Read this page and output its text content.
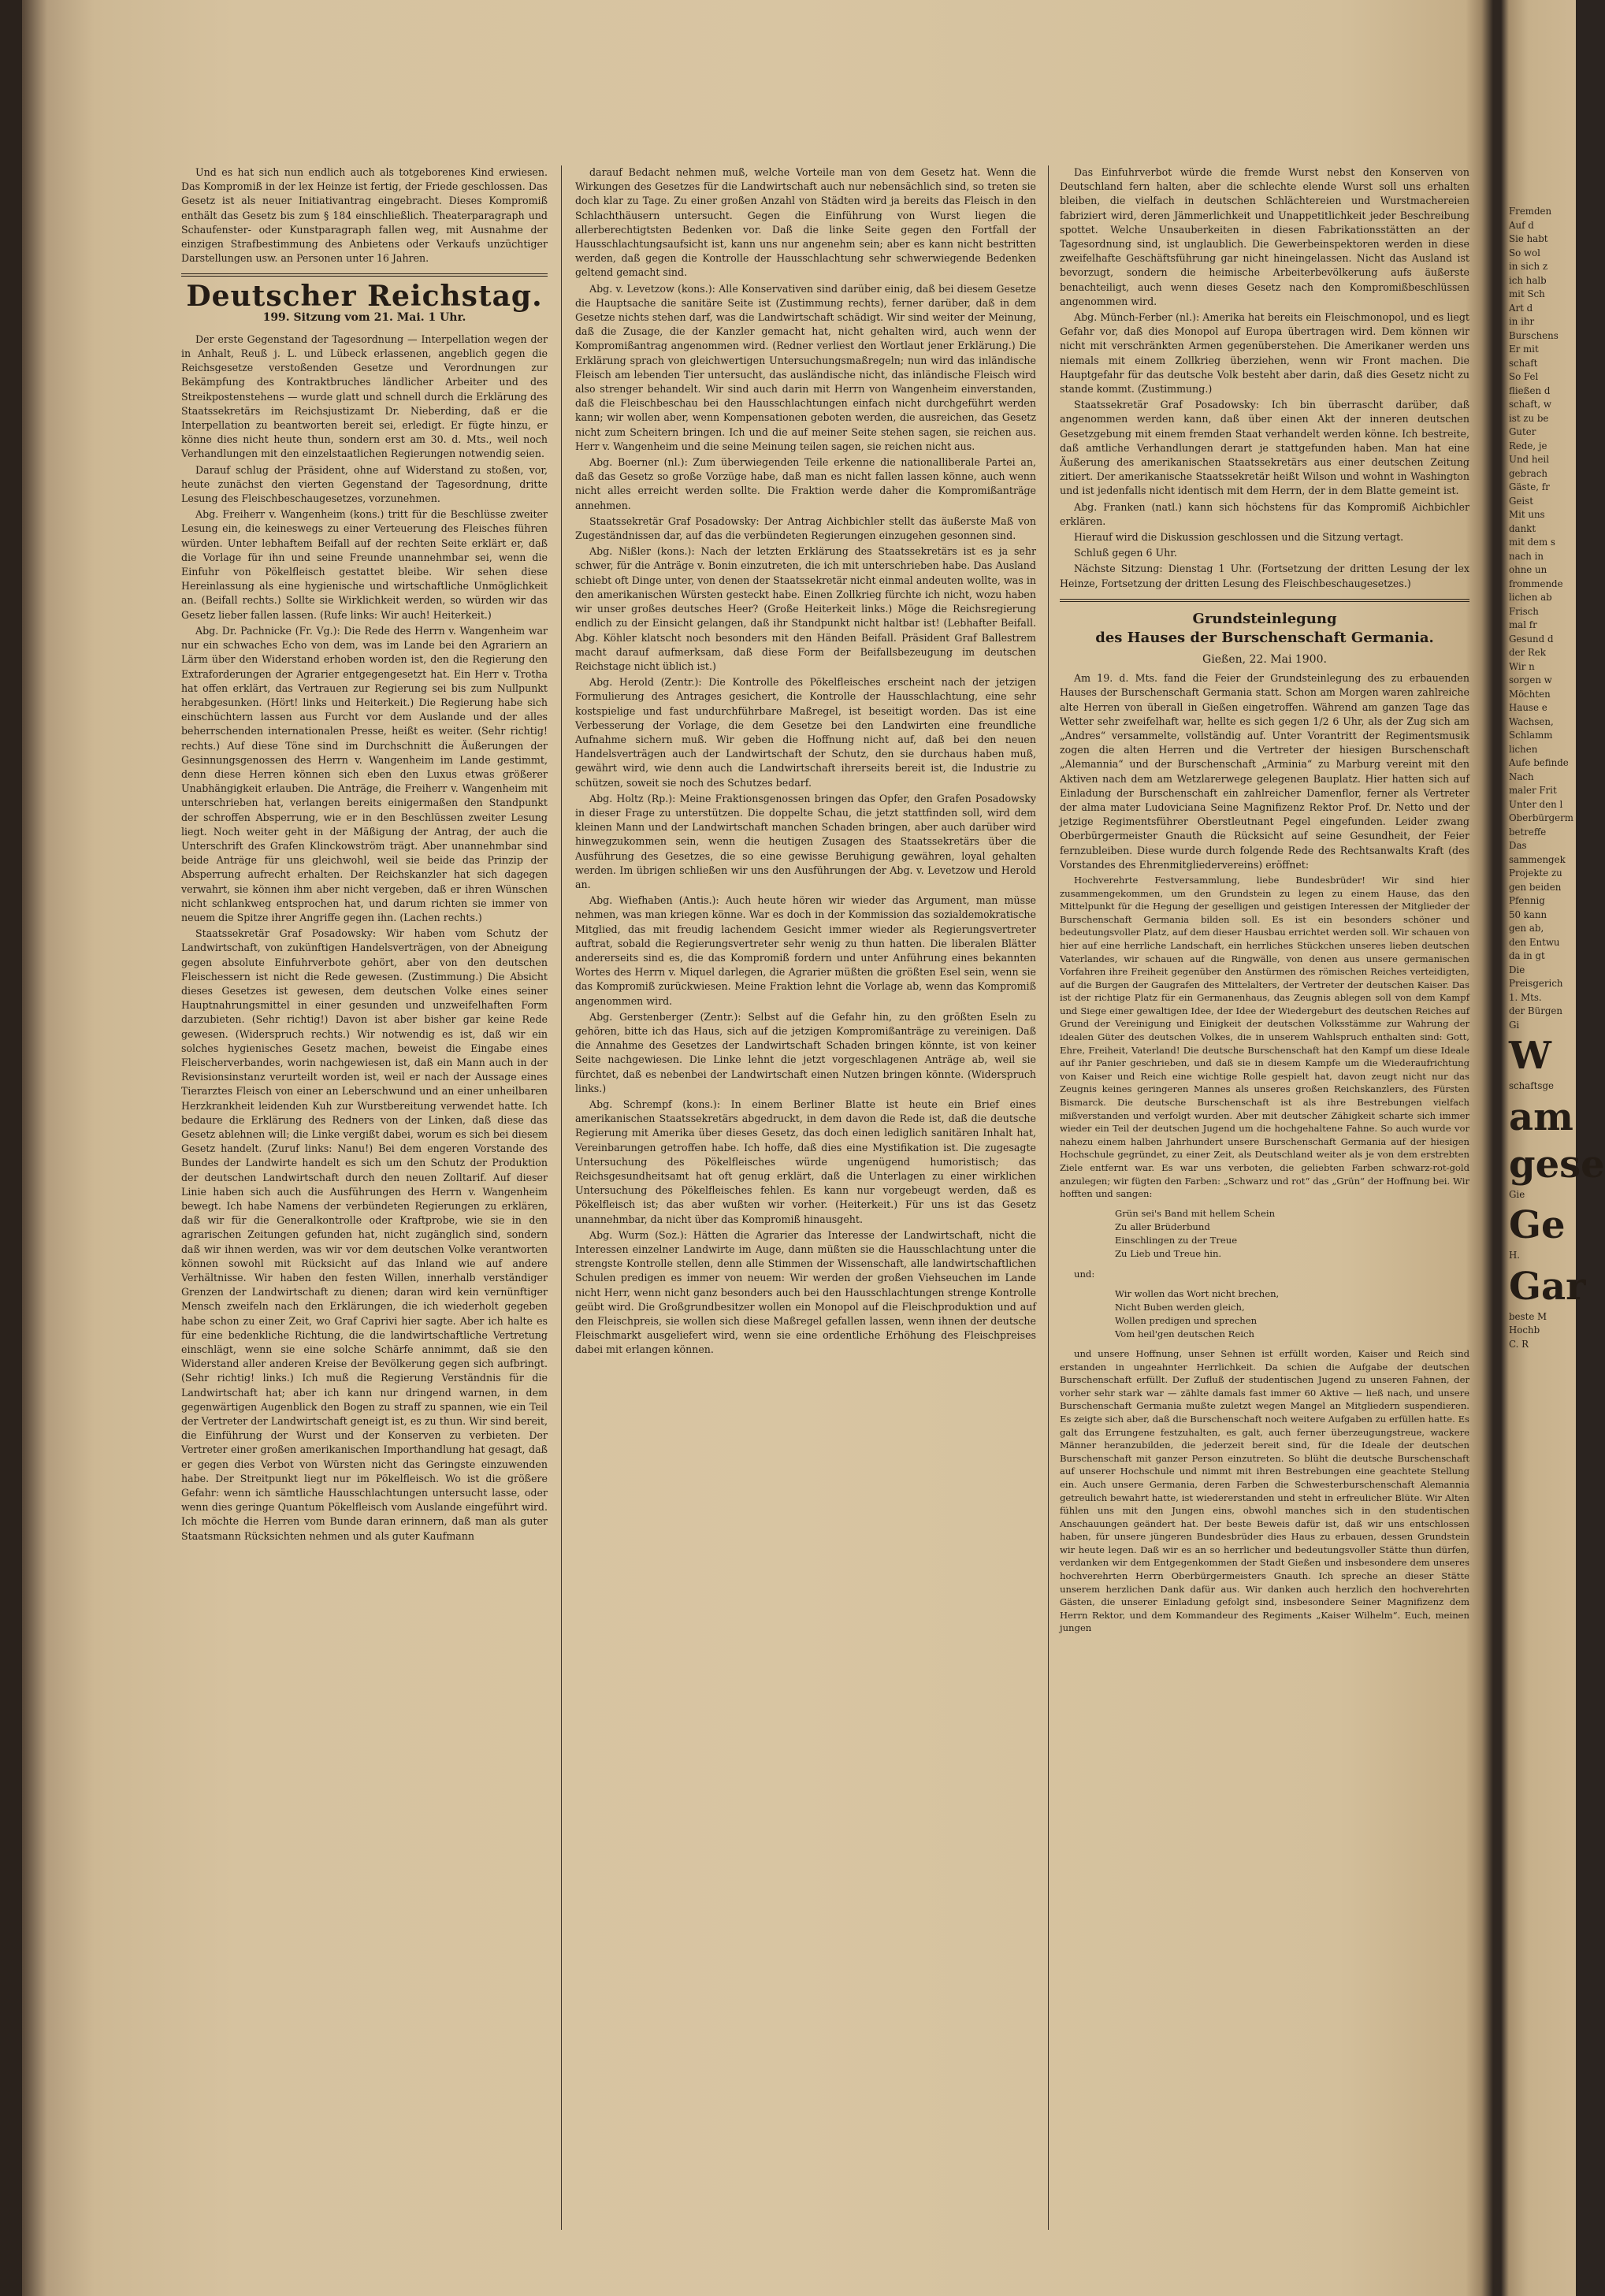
Und es hat sich nun endlich auch als totgeborenes Kind erwiesen. Das Kompromiß in der lex Heinze ist fertig, der Friede geschlossen. Das Gesetz ist als neuer Initiativantrag eingebracht. Dieses Kompromiß enthält das Gesetz bis zum § 184 einschließlich. Theaterparagraph und Schaufenster- oder Kunstparagraph fallen weg, mit Ausnahme der einzigen Strafbestimmung des Anbietens oder Verkaufs unzüchtiger Darstellungen usw. an Personen unter 16 Jahren.

Deutscher Reichstag.
199. Sitzung vom 21. Mai. 1 Uhr.

Der erste Gegenstand der Tagesordnung — Interpellation wegen der in Anhalt, Reuß j. L. und Lübeck erlassenen, angeblich gegen die Reichsgesetze verstoßenden Gesetze und Verordnungen zur Bekämpfung des Kontraktbruches ländlicher Arbeiter und des Streikpostenstehens — wurde glatt und schnell durch die Erklärung des Staatssekretärs im Reichsjustizamt Dr. Nieberding, daß er die Interpellation zu beantworten bereit sei, erledigt. Er fügte hinzu, er könne dies nicht heute thun, sondern erst am 30. d. Mts., weil noch Verhandlungen mit den einzelstaatlichen Regierungen notwendig seien.

Darauf schlug der Präsident, ohne auf Widerstand zu stoßen, vor, heute zunächst den vierten Gegenstand der Tagesordnung, dritte Lesung des Fleischbeschaugesetzes, vorzunehmen.

Abg. Freiherr v. Wangenheim (kons.) tritt für die Beschlüsse zweiter Lesung ein, die keineswegs zu einer Verteuerung des Fleisches führen würden. Unter lebhaftem Beifall auf der rechten Seite erklärt er, daß die Vorlage für ihn und seine Freunde unannehmbar sei, wenn die Einfuhr von Pökelfleisch gestattet bleibe. Wir sehen diese Hereinlassung als eine hygienische und wirtschaftliche Unmöglichkeit an. (Beifall rechts.) Sollte sie Wirklichkeit werden, so würden wir das Gesetz lieber fallen lassen. (Rufe links: Wir auch! Heiterkeit.)

Abg. Dr. Pachnicke (Fr. Vg.): Die Rede des Herrn v. Wangenheim war nur ein schwaches Echo von dem, was im Lande bei den Agrariern an Lärm über den Widerstand erhoben worden ist, den die Regierung den Extraforderungen der Agrarier entgegengesetzt hat. Ein Herr v. Trotha hat offen erklärt, das Vertrauen zur Regierung sei bis zum Nullpunkt herabgesunken. (Hört! links und Heiterkeit.) Die Regierung habe sich einschüchtern lassen aus Furcht vor dem Auslande und der alles beherrschenden internationalen Presse, heißt es weiter. (Sehr richtig! rechts.) Auf diese Töne sind im Durchschnitt die Äußerungen der Gesinnungsgenossen des Herrn v. Wangenheim im Lande gestimmt, denn diese Herren können sich eben den Luxus etwas größerer Unabhängigkeit erlauben. Die Anträge, die Freiherr v. Wangenheim mit unterschrieben hat, verlangen bereits einigermaßen den Standpunkt der schroffen Absperrung, wie er in den Beschlüssen zweiter Lesung liegt. Noch weiter geht in der Mäßigung der Antrag, der auch die Unterschrift des Grafen Klinckowström trägt. Aber unannehmbar sind beide Anträge für uns gleichwohl, weil sie beide das Prinzip der Absperrung aufrecht erhalten. Der Reichskanzler hat sich dagegen verwahrt, sie können ihm aber nicht vergeben, daß er ihren Wünschen nicht schlankweg entsprochen hat, und darum richten sie immer von neuem die Spitze ihrer Angriffe gegen ihn. (Lachen rechts.)

Staatssekretär Graf Posadowsky: Wir haben vom Schutz der Landwirtschaft, von zukünftigen Handelsverträgen, von der Abneigung gegen absolute Einfuhrverbote gehört, aber von den deutschen Fleischessern ist nicht die Rede gewesen. (Zustimmung.) Die Absicht dieses Gesetzes ist gewesen, dem deutschen Volke eines seiner Hauptnahrungsmittel in einer gesunden und unzweifelhaften Form darzubieten. (Sehr richtig!) Davon ist aber bisher gar keine Rede gewesen. (Widerspruch rechts.) Wir notwendig es ist, daß wir ein solches hygienisches Gesetz machen, beweist die Eingabe eines Fleischerverbandes, worin nachgewiesen ist, daß ein Mann auch in der Revisionsinstanz verurteilt worden ist, weil er nach der Aussage eines Tierarztes Fleisch von einer an Leberschwund und an einer unheilbaren Herzkrankheit leidenden Kuh zur Wurstbereitung verwendet hatte. Ich bedaure die Erklärung des Redners von der Linken, daß diese das Gesetz ablehnen will; die Linke vergißt dabei, worum es sich bei diesem Gesetz handelt. (Zuruf links: Nanu!) Bei dem engeren Vorstande des Bundes der Landwirte handelt es sich um den Schutz der Produktion der deutschen Landwirtschaft durch den neuen Zolltarif. Auf dieser Linie haben sich auch die Ausführungen des Herrn v. Wangenheim bewegt. Ich habe Namens der verbündeten Regierungen zu erklären, daß wir für die Generalkontrolle oder Kraftprobe, wie sie in den agrarischen Zeitungen gefunden hat, nicht zugänglich sind, sondern daß wir ihnen werden, was wir vor dem deutschen Volke verantworten können sowohl mit Rücksicht auf das Inland wie auf andere Verhältnisse. Wir haben den festen Willen, innerhalb verständiger Grenzen der Landwirtschaft zu dienen; daran wird kein vernünftiger Mensch zweifeln nach den Erklärungen, die ich wiederholt gegeben habe schon zu einer Zeit, wo Graf Caprivi hier sagte. Aber ich halte es für eine bedenkliche Richtung, die die landwirtschaftliche Vertretung einschlägt, wenn sie eine solche Schärfe annimmt, daß sie den Widerstand aller anderen Kreise der Bevölkerung gegen sich aufbringt. (Sehr richtig! links.) Ich muß die Regierung Verständnis für die Landwirtschaft hat; aber ich kann nur dringend warnen, in dem gegenwärtigen Augenblick den Bogen zu straff zu spannen, wie ein Teil der Vertreter der Landwirtschaft geneigt ist, es zu thun. Wir sind bereit, die Einführung der Wurst und der Konserven zu verbieten. Der Vertreter einer großen amerikanischen Importhandlung hat gesagt, daß er gegen dies Verbot von Würsten nicht das Geringste einzuwenden habe. Der Streitpunkt liegt nur im Pökelfleisch. Wo ist die größere Gefahr: wenn ich sämtliche Hausschlachtungen untersucht lasse, oder wenn dies geringe Quantum Pökelfleisch vom Auslande eingeführt wird. Ich möchte die Herren vom Bunde daran erinnern, daß man als guter Staatsmann Rücksichten nehmen und als guter Kaufmann

darauf Bedacht nehmen muß, welche Vorteile man von dem Gesetz hat. Wenn die Wirkungen des Gesetzes für die Landwirtschaft auch nur nebensächlich sind, so treten sie doch klar zu Tage. Zu einer großen Anzahl von Städten wird ja bereits das Fleisch in den Schlachthäusern untersucht. Gegen die Einführung von Wurst liegen die allerberechtigtsten Bedenken vor. Daß die linke Seite gegen den Fortfall der Hausschlachtungsaufsicht ist, kann uns nur angenehm sein; aber es kann nicht bestritten werden, daß gegen die Kontrolle der Hausschlachtung sehr schwerwiegende Bedenken geltend gemacht sind.

Abg. v. Levetzow (kons.): Alle Konservativen sind darüber einig, daß bei diesem Gesetze die Hauptsache die sanitäre Seite ist (Zustimmung rechts), ferner darüber, daß in dem Gesetze nichts stehen darf, was die Landwirtschaft schädigt. Wir sind weiter der Meinung, daß die Zusage, die der Kanzler gemacht hat, nicht gehalten wird, auch wenn der Kompromißantrag angenommen wird. (Redner verliest den Wortlaut jener Erklärung.) Die Erklärung sprach von gleichwertigen Untersuchungsmaßregeln; nun wird das inländische Fleisch am lebenden Tier untersucht, das ausländische nicht, das inländische Fleisch wird also strenger behandelt. Wir sind auch darin mit Herrn von Wangenheim einverstanden, daß die Fleischbeschau bei den Hausschlachtungen einfach nicht durchgeführt werden kann; wir wollen aber, wenn Kompensationen geboten werden, die ausreichen, das Gesetz nicht zum Scheitern bringen. Ich und die auf meiner Seite stehen sagen, sie reichen aus. Herr v. Wangenheim und die seine Meinung teilen sagen, sie reichen nicht aus.

Abg. Boerner (nl.): Zum überwiegenden Teile erkenne die nationalliberale Partei an, daß das Gesetz so große Vorzüge habe, daß man es nicht fallen lassen könne, auch wenn nicht alles erreicht werden sollte. Die Fraktion werde daher die Kompromißanträge annehmen.

Staatssekretär Graf Posadowsky: Der Antrag Aichbichler stellt das äußerste Maß von Zugeständnissen dar, auf das die verbündeten Regierungen einzugehen gesonnen sind.

Abg. Nißler (kons.): Nach der letzten Erklärung des Staatssekretärs ist es ja sehr schwer, für die Anträge v. Bonin einzutreten, die ich mit unterschrieben habe. Das Ausland schiebt oft Dinge unter, von denen der Staatssekretär nicht einmal andeuten wollte, was in den amerikanischen Würsten gesteckt habe. Einen Zollkrieg fürchte ich nicht, wozu haben wir unser großes deutsches Heer? (Große Heiterkeit links.) Möge die Reichsregierung endlich zu der Einsicht gelangen, daß ihr Standpunkt nicht haltbar ist! (Lebhafter Beifall. Abg. Köhler klatscht noch besonders mit den Händen Beifall. Präsident Graf Ballestrem macht darauf aufmerksam, daß diese Form der Beifallsbezeugung im deutschen Reichstage nicht üblich ist.)

Abg. Herold (Zentr.): Die Kontrolle des Pökelfleisches erscheint nach der jetzigen Formulierung des Antrages gesichert, die Kontrolle der Hausschlachtung, eine sehr kostspielige und fast undurchführbare Maßregel, ist beseitigt worden. Das ist eine Verbesserung der Vorlage, die dem Gesetze bei den Landwirten eine freundliche Aufnahme sichern muß. Wir geben die Hoffnung nicht auf, daß bei den neuen Handelsverträgen auch der Landwirtschaft der Schutz, den sie durchaus haben muß, gewährt wird, wie denn auch die Landwirtschaft ihrerseits bereit ist, die Industrie zu schützen, soweit sie noch des Schutzes bedarf.

Abg. Holtz (Rp.): Meine Fraktionsgenossen bringen das Opfer, den Grafen Posadowsky in dieser Frage zu unterstützen. Die doppelte Schau, die jetzt stattfinden soll, wird dem kleinen Mann und der Landwirtschaft manchen Schaden bringen, aber auch darüber wird hinwegzukommen sein, wenn die heutigen Zusagen des Staatssekretärs über die Ausführung des Gesetzes, die so eine gewisse Beruhigung gewähren, loyal gehalten werden. Im übrigen schließen wir uns den Ausführungen der Abg. v. Levetzow und Herold an.

Abg. Wiefhaben (Antis.): Auch heute hören wir wieder das Argument, man müsse nehmen, was man kriegen könne. War es doch in der Kommission das sozialdemokratische Mitglied, das mit freudig lachendem Gesicht immer wieder als Regierungsvertreter auftrat, sobald die Regierungsvertreter sehr wenig zu thun hatten. Die liberalen Blätter andererseits sind es, die das Kompromiß fordern und unter Anführung eines bekannten Wortes des Herrn v. Miquel darlegen, die Agrarier müßten die größten Esel sein, wenn sie das Kompromiß zurückwiesen. Meine Fraktion lehnt die Vorlage ab, wenn das Kompromiß angenommen wird.

Abg. Gerstenberger (Zentr.): Selbst auf die Gefahr hin, zu den größten Eseln zu gehören, bitte ich das Haus, sich auf die jetzigen Kompromißanträge zu vereinigen. Daß die Annahme des Gesetzes der Landwirtschaft Schaden bringen könnte, ist von keiner Seite nachgewiesen. Die Linke lehnt die jetzt vorgeschlagenen Anträge ab, weil sie fürchtet, daß es nebenbei der Landwirtschaft einen Nutzen bringen könnte. (Widerspruch links.)

Abg. Schrempf (kons.): In einem Berliner Blatte ist heute ein Brief eines amerikanischen Staatssekretärs abgedruckt, in dem davon die Rede ist, daß die deutsche Regierung mit Amerika über dieses Gesetz, das doch einen lediglich sanitären Inhalt hat, Vereinbarungen getroffen habe. Ich hoffe, daß dies eine Mystifikation ist. Die zugesagte Untersuchung des Pökelfleisches würde ungenügend humoristisch; das Reichsgesundheitsamt hat oft genug erklärt, daß die Unterlagen zu einer wirklichen Untersuchung des Pökelfleisches fehlen. Es kann nur vorgebeugt werden, daß es Pökelfleisch ist; das aber wußten wir vorher. (Heiterkeit.) Für uns ist das Gesetz unannehmbar, da nicht über das Kompromiß hinausgeht.

Abg. Wurm (Soz.): Hätten die Agrarier das Interesse der Landwirtschaft, nicht die Interessen einzelner Landwirte im Auge, dann müßten sie die Hausschlachtung unter die strengste Kontrolle stellen, denn alle Stimmen der Wissenschaft, alle landwirtschaftlichen Schulen predigen es immer von neuem: Wir werden der großen Viehseuchen im Lande nicht Herr, wenn nicht ganz besonders auch bei den Hausschlachtungen strenge Kontrolle geübt wird. Die Großgrundbesitzer wollen ein Monopol auf die Fleischproduktion und auf den Fleischpreis, sie wollen sich diese Maßregel gefallen lassen, wenn ihnen der deutsche Fleischmarkt ausgeliefert wird, wenn sie eine ordentliche Erhöhung des Fleischpreises dabei mit erlangen können.

Das Einfuhrverbot würde die fremde Wurst nebst den Konserven von Deutschland fern halten, aber die schlechte elende Wurst soll uns erhalten bleiben, die vielfach in deutschen Schlächtereien und Wurstmachereien fabriziert wird, deren Jämmerlichkeit und Unappetitlichkeit jeder Beschreibung spottet. Welche Unsauberkeiten in diesen Fabrikationsstätten an der Tagesordnung sind, ist unglaublich. Die Gewerbeinspektoren werden in diese zweifelhafte Geschäftsführung gar nicht hineingelassen. Nicht das Ausland ist bevorzugt, sondern die heimische Arbeiterbevölkerung aufs äußerste benachteiligt, auch wenn dieses Gesetz nach den Kompromißbeschlüssen angenommen wird.

Abg. Münch-Ferber (nl.): Amerika hat bereits ein Fleischmonopol, und es liegt Gefahr vor, daß dies Monopol auf Europa übertragen wird. Dem können wir nicht mit verschränkten Armen gegenüberstehen. Die Amerikaner werden uns niemals mit einem Zollkrieg überziehen, wenn wir Front machen. Die Hauptgefahr für das deutsche Volk besteht aber darin, daß dies Gesetz nicht zu stande kommt. (Zustimmung.)

Staatssekretär Graf Posadowsky: Ich bin überrascht darüber, daß angenommen werden kann, daß über einen Akt der inneren deutschen Gesetzgebung mit einem fremden Staat verhandelt werden könne. Ich bestreite, daß amtliche Verhandlungen derart je stattgefunden haben. Man hat eine Äußerung des amerikanischen Staatssekretärs aus einer deutschen Zeitung zitiert. Der amerikanische Staatssekretär heißt Wilson und wohnt in Washington und ist jedenfalls nicht identisch mit dem Herrn, der in dem Blatte gemeint ist.

Abg. Franken (natl.) kann sich höchstens für das Kompromiß Aichbichler erklären.

Hierauf wird die Diskussion geschlossen und die Sitzung vertagt.

Schluß gegen 6 Uhr.

Nächste Sitzung: Dienstag 1 Uhr. (Fortsetzung der dritten Lesung der lex Heinze, Fortsetzung der dritten Lesung des Fleischbeschaugesetzes.)

Grundsteinlegung
des Hauses der Burschenschaft Germania.
Gießen, 22. Mai 1900.

Am 19. d. Mts. fand die Feier der Grundsteinlegung des zu erbauenden Hauses der Burschenschaft Germania statt. Schon am Morgen waren zahlreiche alte Herren von überall in Gießen eingetroffen. Während am ganzen Tage das Wetter sehr zweifelhaft war, hellte es sich gegen 1/2 6 Uhr, als der Zug sich am „Andres“ versammelte, vollständig auf. Unter Vorantritt der Regimentsmusik zogen die alten Herren und die Vertreter der hiesigen Burschenschaft „Alemannia“ und der Burschenschaft „Arminia“ zu Marburg vereint mit den Aktiven nach dem am Wetzlarerwege gelegenen Bauplatz. Hier hatten sich auf Einladung der Burschenschaft ein zahlreicher Damenflor, ferner als Vertreter der alma mater Ludoviciana Seine Magnifizenz Rektor Prof. Dr. Netto und der jetzige Regimentsführer Oberstleutnant Pegel eingefunden. Leider zwang Oberbürgermeister Gnauth die Rücksicht auf seine Gesundheit, der Feier fernzubleiben. Diese wurde durch folgende Rede des Rechtsanwalts Kraft (des Vorstandes des Ehrenmitgliedervereins) eröffnet:

Hochverehrte Festversammlung, liebe Bundesbrüder! Wir sind hier zusammengekommen, um den Grundstein zu legen zu einem Hause, das den Mittelpunkt für die Hegung der geselligen und geistigen Interessen der Mitglieder der Burschenschaft Germania bilden soll. Es ist ein besonders schöner und bedeutungsvoller Platz, auf dem dieser Hausbau errichtet werden soll. Wir schauen von hier auf eine herrliche Landschaft, ein herrliches Stückchen unseres lieben deutschen Vaterlandes, wir schauen auf die Ringwälle, von denen aus unsere germanischen Vorfahren ihre Freiheit gegenüber den Anstürmen des römischen Reiches verteidigten, auf die Burgen der Gaugrafen des Mittelalters, der Vertreter der deutschen Kaiser. Das ist der richtige Platz für ein Germanenhaus, das Zeugnis ablegen soll von dem Kampf und Siege einer gewaltigen Idee, der Idee der Wiedergeburt des deutschen Reiches auf Grund der Vereinigung und Einigkeit der deutschen Volksstämme zur Wahrung der idealen Güter des deutschen Volkes, die in unserem Wahlspruch enthalten sind: Gott, Ehre, Freiheit, Vaterland! Die deutsche Burschenschaft hat den Kampf um diese Ideale auf ihr Panier geschrieben, und daß sie in diesem Kampfe um die Wiederaufrichtung von Kaiser und Reich eine wichtige Rolle gespielt hat, davon zeugt nicht nur das Zeugnis keines geringeren Mannes als unseres großen Reichskanzlers, des Fürsten Bismarck. Die deutsche Burschenschaft ist als ihre Bestrebungen vielfach mißverstanden und verfolgt wurden. Aber mit deutscher Zähigkeit scharte sich immer wieder ein Teil der deutschen Jugend um die hochgehaltene Fahne. So auch wurde vor nahezu einem halben Jahrhundert unsere Burschenschaft Germania auf der hiesigen Hochschule gegründet, zu einer Zeit, als Deutschland weiter als je von dem erstrebten Ziele entfernt war. Es war uns verboten, die geliebten Farben schwarz-rot-gold anzulegen; wir fügten den Farben: „Schwarz und rot“ das „Grün“ der Hoffnung bei. Wir hofften und sangen:

Grün sei's Band mit hellem Schein
Zu aller Brüderbund
Einschlingen zu der Treue
Zu Lieb und Treue hin.

und:

Wir wollen das Wort nicht brechen,
Nicht Buben werden gleich,
Wollen predigen und sprechen
Vom heil'gen deutschen Reich

und unsere Hoffnung, unser Sehnen ist erfüllt worden, Kaiser und Reich sind erstanden in ungeahnter Herrlichkeit. Da schien die Aufgabe der deutschen Burschenschaft erfüllt. Der Zufluß der studentischen Jugend zu unseren Fahnen, der vorher sehr stark war — zählte damals fast immer 60 Aktive — ließ nach, und unsere Burschenschaft Germania mußte zuletzt wegen Mangel an Mitgliedern suspendieren. Es zeigte sich aber, daß die Burschenschaft noch weitere Aufgaben zu erfüllen hatte. Es galt das Errungene festzuhalten, es galt, auch ferner überzeugungstreue, wackere Männer heranzubilden, die jederzeit bereit sind, für die Ideale der deutschen Burschenschaft mit ganzer Person einzutreten. So blüht die deutsche Burschenschaft auf unserer Hochschule und nimmt mit ihren Bestrebungen eine geachtete Stellung ein. Auch unsere Germania, deren Farben die Schwesterburschenschaft Alemannia getreulich bewahrt hatte, ist wiedererstanden und steht in erfreulicher Blüte. Wir Alten fühlen uns mit den Jungen eins, obwohl manches sich in den studentischen Anschauungen geändert hat. Der beste Beweis dafür ist, daß wir uns entschlossen haben, für unsere jüngeren Bundesbrüder dies Haus zu erbauen, dessen Grundstein wir heute legen. Daß wir es an so herrlicher und bedeutungsvoller Stätte thun dürfen, verdanken wir dem Entgegenkommen der Stadt Gießen und insbesondere dem unseres hochverehrten Herrn Oberbürgermeisters Gnauth. Ich spreche an dieser Stätte unserem herzlichen Dank dafür aus. Wir danken auch herzlich den hochverehrten Gästen, die unserer Einladung gefolgt sind, insbesondere Seiner Magnifizenz dem Herrn Rektor, und dem Kommandeur des Regiments „Kaiser Wilhelm“. Euch, meinen jungen

Fremden
Auf d
Sie habt
So wol
in sich z
ich halb
mit Sch
Art d
in ihr
Burschens
Er mit
schaft
So Fel
fließen d
schaft, w
ist zu be
Guter
Rede, je
Und heil
gebrach
Gäste, fr
Geist
Mit uns
dankt
mit dem s
nach in
ohne un
frommende
lichen ab
Frisch
mal fr
Gesund d
der Rek
Wir n
sorgen w
Möchten
Hause e
Wachsen,
Schlamm
lichen
Aufe befinde
Nach
maler Frit
Unter den l
Oberbürgerm
betreffe
Das
sammengek
Projekte zu
gen beiden
Pfennig
50 kann
gen ab,
den Entwu
da in gt
Die
Preisgerich
1. Mts.
der Bürgen
Gi
W
schaftsge
am
gese
Gie
Ge
H.
Gar
beste M
Hochb
C. R
